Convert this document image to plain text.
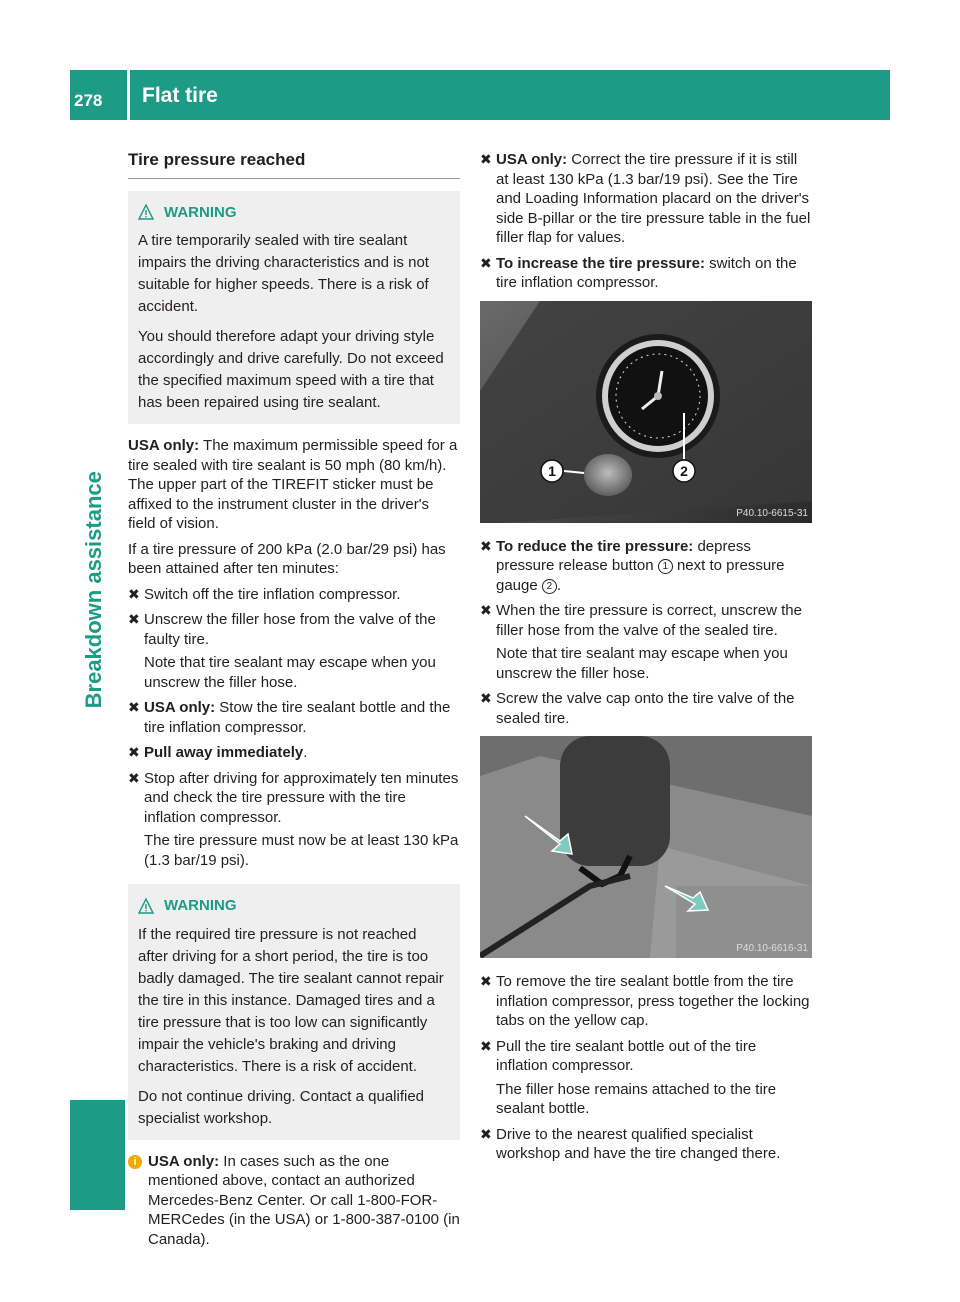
278	Flat tire
Breakdown assistance
Tire pressure reached
WARNING

A tire temporarily sealed with tire sealant impairs the driving characteristics and is not suitable for higher speeds. There is a risk of accident.

You should therefore adapt your driving style accordingly and drive carefully. Do not exceed the specified maximum speed with a tire that has been repaired using tire sealant.

USA only: The maximum permissible speed for a tire sealed with tire sealant is 50 mph (80 km/h). The upper part of the TIREFIT sticker must be affixed to the instrument cluster in the driver's field of vision.

If a tire pressure of 200 kPa (2.0 bar/29 psi) has been attained after ten minutes:

✖ Switch off the tire inflation compressor.
✖ Unscrew the filler hose from the valve of the faulty tire.
Note that tire sealant may escape when you unscrew the filler hose.
✖ USA only: Stow the tire sealant bottle and the tire inflation compressor.
✖ Pull away immediately.
✖ Stop after driving for approximately ten minutes and check the tire pressure with the tire inflation compressor.
The tire pressure must now be at least 130 kPa (1.3 bar/19 psi).
WARNING

If the required tire pressure is not reached after driving for a short period, the tire is too badly damaged. The tire sealant cannot repair the tire in this instance. Damaged tires and a tire pressure that is too low can significantly impair the vehicle's braking and driving characteristics. There is a risk of accident.

Do not continue driving. Contact a qualified specialist workshop.

i USA only: In cases such as the one mentioned above, contact an authorized Mercedes-Benz Center. Or call 1-800-FOR-MERCedes (in the USA) or 1-800-387-0100 (in Canada).
✖ USA only: Correct the tire pressure if it is still at least 130 kPa (1.3 bar/19 psi). See the Tire and Loading Information placard on the driver's side B-pillar or the tire pressure table in the fuel filler flap for values.
✖ To increase the tire pressure: switch on the tire inflation compressor.
1	2
P40.10-6615-31
✖ To reduce the tire pressure: depress pressure release button 1 next to pressure gauge 2 .
✖ When the tire pressure is correct, unscrew the filler hose from the valve of the sealed tire.
Note that tire sealant may escape when you unscrew the filler hose.
✖ Screw the valve cap onto the tire valve of the sealed tire.
P40.10-6616-31
✖ To remove the tire sealant bottle from the tire inflation compressor, press together the locking tabs on the yellow cap.
✖ Pull the tire sealant bottle out of the tire inflation compressor.
The filler hose remains attached to the tire sealant bottle.
✖ Drive to the nearest qualified specialist workshop and have the tire changed there.
